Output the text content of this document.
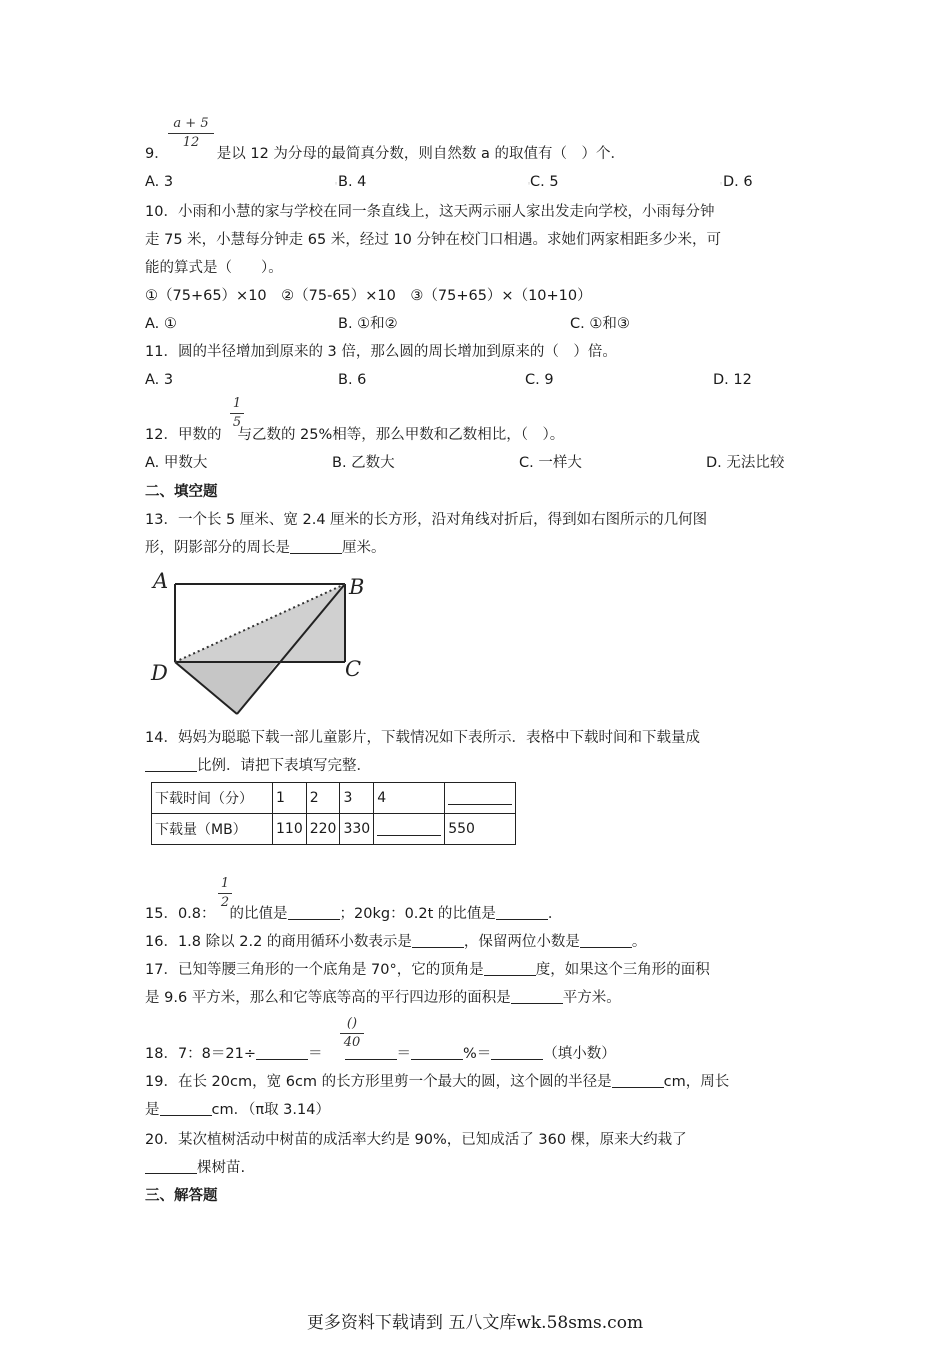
a + 5
12
9．	是以 12 为分母的最简真分数，则自然数 a 的取值有（　）个．
A. 3	B. 4	C. 5	D. 6
◦	◦	◦
10．小雨和小慧的家与学校在同一条直线上，这天两示丽人家出发走向学校，小雨每分钟
走 75 米，小慧每分钟走 65 米，经过 10 分钟在校门口相遇。求她们两家相距多少米，可
能的算式是（　　）。
①（75+65）×10　②（75-65）×10　③（75+65）×（10+10）
A. ①	B. ①和②	C. ①和③
11．圆的半径增加到原来的 3 倍，那么圆的周长增加到原来的（　）倍。
A. 3	B. 6	C. 9	D. 12
1
5
12．甲数的 与乙数的 25%相等，那么甲数和乙数相比，（　）。
A. 甲数大	B. 乙数大	C. 一样大	D. 无法比较
二、填空题
13．一个长 5 厘米、宽 2.4 厘米的长方形，沿对角线对折后，得到如右图所示的几何图
形，阴影部分的周长是	厘米。
A	B
C
D
14．妈妈为聪聪下载一部儿童影片，下载情况如下表所示．表格中下载时间和下载量成
比例．请把下表填写完整．
下载时间（分）	1	2	3	4	
下载量（MB）	110	220	330		550
1
2
15．0.8： 的比值是	；20kg：0.2t 的比值是	．
16．1.8 除以 2.2 的商用循环小数表示是	，保留两位小数是	。
17．已知等腰三角形的一个底角是 70°，它的顶角是	度，如果这个三角形的面积
是 9.6 平方米，那么和它等底等高的平行四边形的面积是	平方米。
()
40
18．7：8＝21÷	＝	＝	%＝	（填小数）
19．在长 20cm，宽 6cm 的长方形里剪一个最大的圆，这个圆的半径是	cm，周长
是	cm．（π取 3.14）
20．某次植树活动中树苗的成活率大约是 90%，已知成活了 360 棵，原来大约栽了
棵树苗.
三、解答题
更多资料下载请到 五八文库wk.58sms.com
